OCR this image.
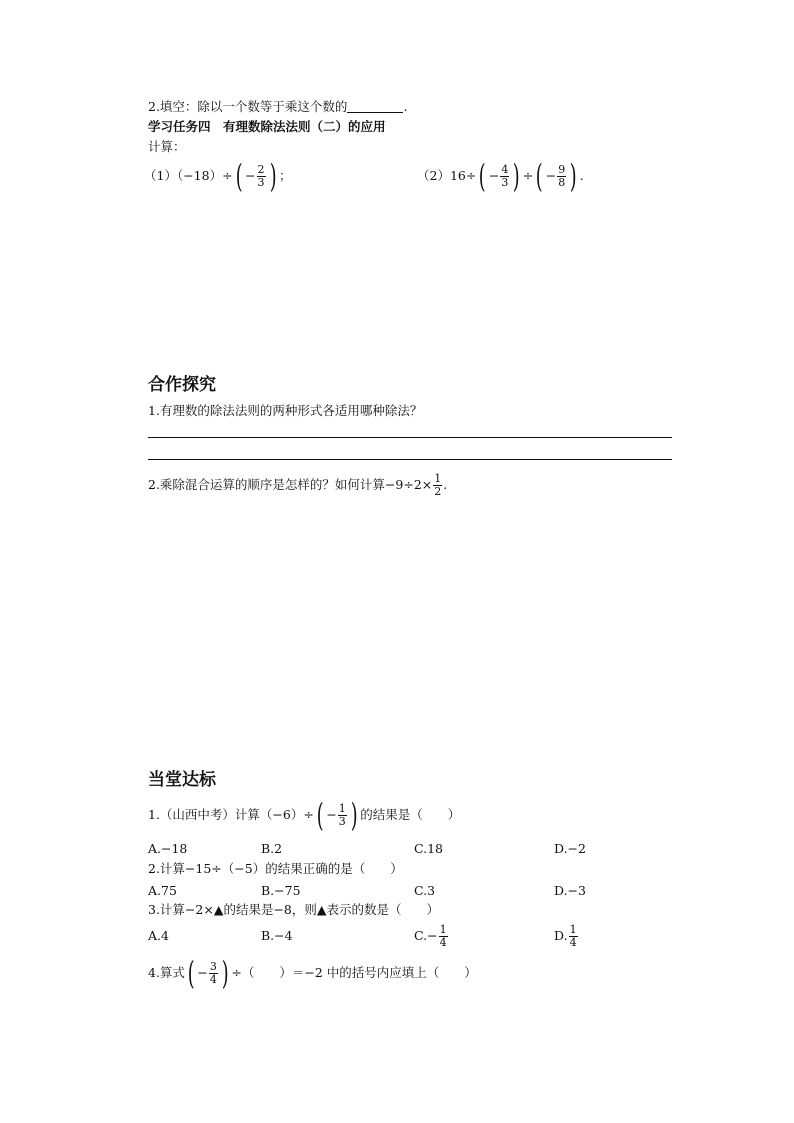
2.填空：除以一个数等于乘这个数的	.
学习任务四　有理数除法法则（二）的应用
计算：
（1）（−18）÷ ( − $\frac{2}{3}$ ) ；	（2）16÷ ( − $\frac{4}{3}$ ) ÷ ( − $\frac{9}{8}$ ) .
合作探究
1.有理数的除法法则的两种形式各适用哪种除法？
2.乘除混合运算的顺序是怎样的？如何计算$-9\div 2\times \frac{1}{2}$ .
当堂达标
1.（山西中考）计算（−6）÷ ( − $\frac{1}{3}$ ) 的结果是（　　）
A.−18	B.2	C.18	D.−2
2.计算−15÷（−5）的结果正确的是（　　）
A.75	B.−75	C.3	D.−3
3.计算−2×▲的结果是−8，则▲表示的数是（　　）
A.4	B.−4	$C.- \frac{1}{4}$	D. $\frac{1}{4}$
4.算式 ( − $\frac{3}{4}$ ) ÷（　　）＝−2 中的括号内应填上（　　）
